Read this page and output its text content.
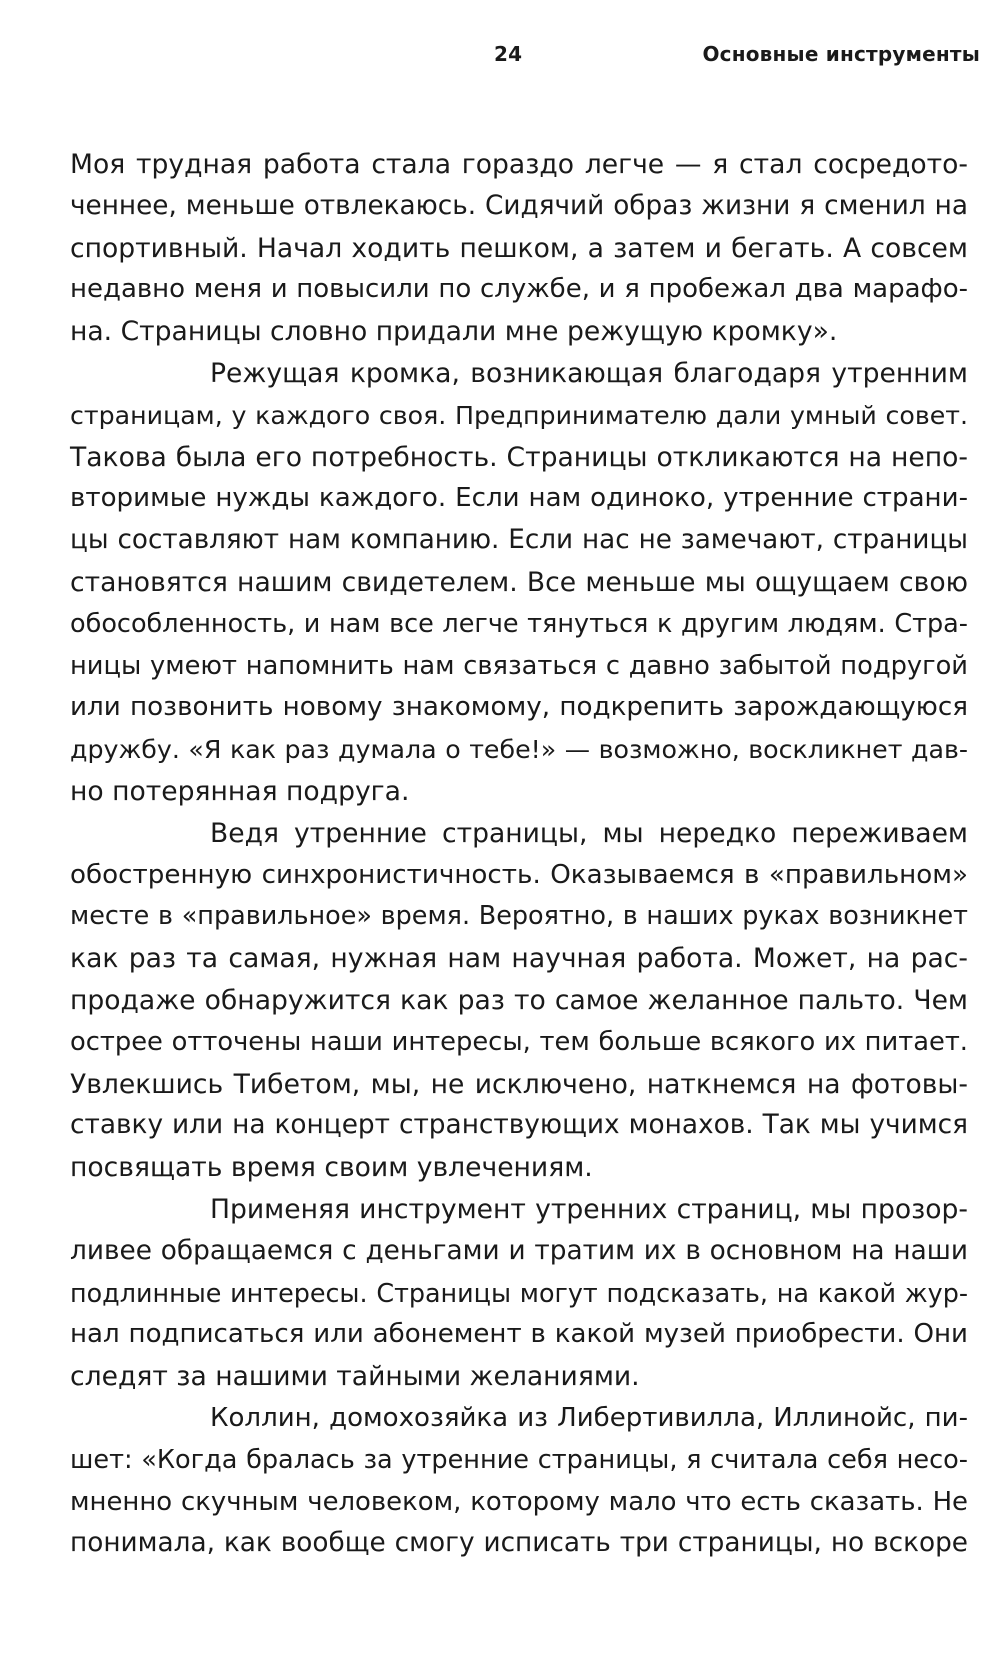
24	Основные инструменты
Моя трудная работа стала гораздо легче — я стал сосредото-
ченнее, меньше отвлекаюсь. Сидячий образ жизни я сменил на
спортивный. Начал ходить пешком, а затем и бегать. А совсем
недавно меня и повысили по службе, и я пробежал два марафо-
на. Страницы словно придали мне режущую кромку».
Режущая кромка, возникающая благодаря утренним
страницам, у каждого своя. Предпринимателю дали умный совет.
Такова была его потребность. Страницы откликаются на непо-
вторимые нужды каждого. Если нам одиноко, утренние страни-
цы составляют нам компанию. Если нас не замечают, страницы
становятся нашим свидетелем. Все меньше мы ощущаем свою
обособленность, и нам все легче тянуться к другим людям. Стра-
ницы умеют напомнить нам связаться с давно забытой подругой
или позвонить новому знакомому, подкрепить зарождающуюся
дружбу. «Я как раз думала о тебе!» — возможно, воскликнет дав-
но потерянная подруга.
Ведя утренние страницы, мы нередко переживаем
обостренную синхронистичность. Оказываемся в «правильном»
месте в «правильное» время. Вероятно, в наших руках возникнет
как раз та самая, нужная нам научная работа. Может, на рас-
продаже обнаружится как раз то самое желанное пальто. Чем
острее отточены наши интересы, тем больше всякого их питает.
Увлекшись Тибетом, мы, не исключено, наткнемся на фотовы-
ставку или на концерт странствующих монахов. Так мы учимся
посвящать время своим увлечениям.
Применяя инструмент утренних страниц, мы прозор-
ливее обращаемся с деньгами и тратим их в основном на наши
подлинные интересы. Страницы могут подсказать, на какой жур-
нал подписаться или абонемент в какой музей приобрести. Они
следят за нашими тайными желаниями.
Коллин, домохозяйка из Либертивилла, Иллинойс, пи-
шет: «Когда бралась за утренние страницы, я считала себя несо-
мненно скучным человеком, которому мало что есть сказать. Не
понимала, как вообще смогу исписать три страницы, но вскоре
